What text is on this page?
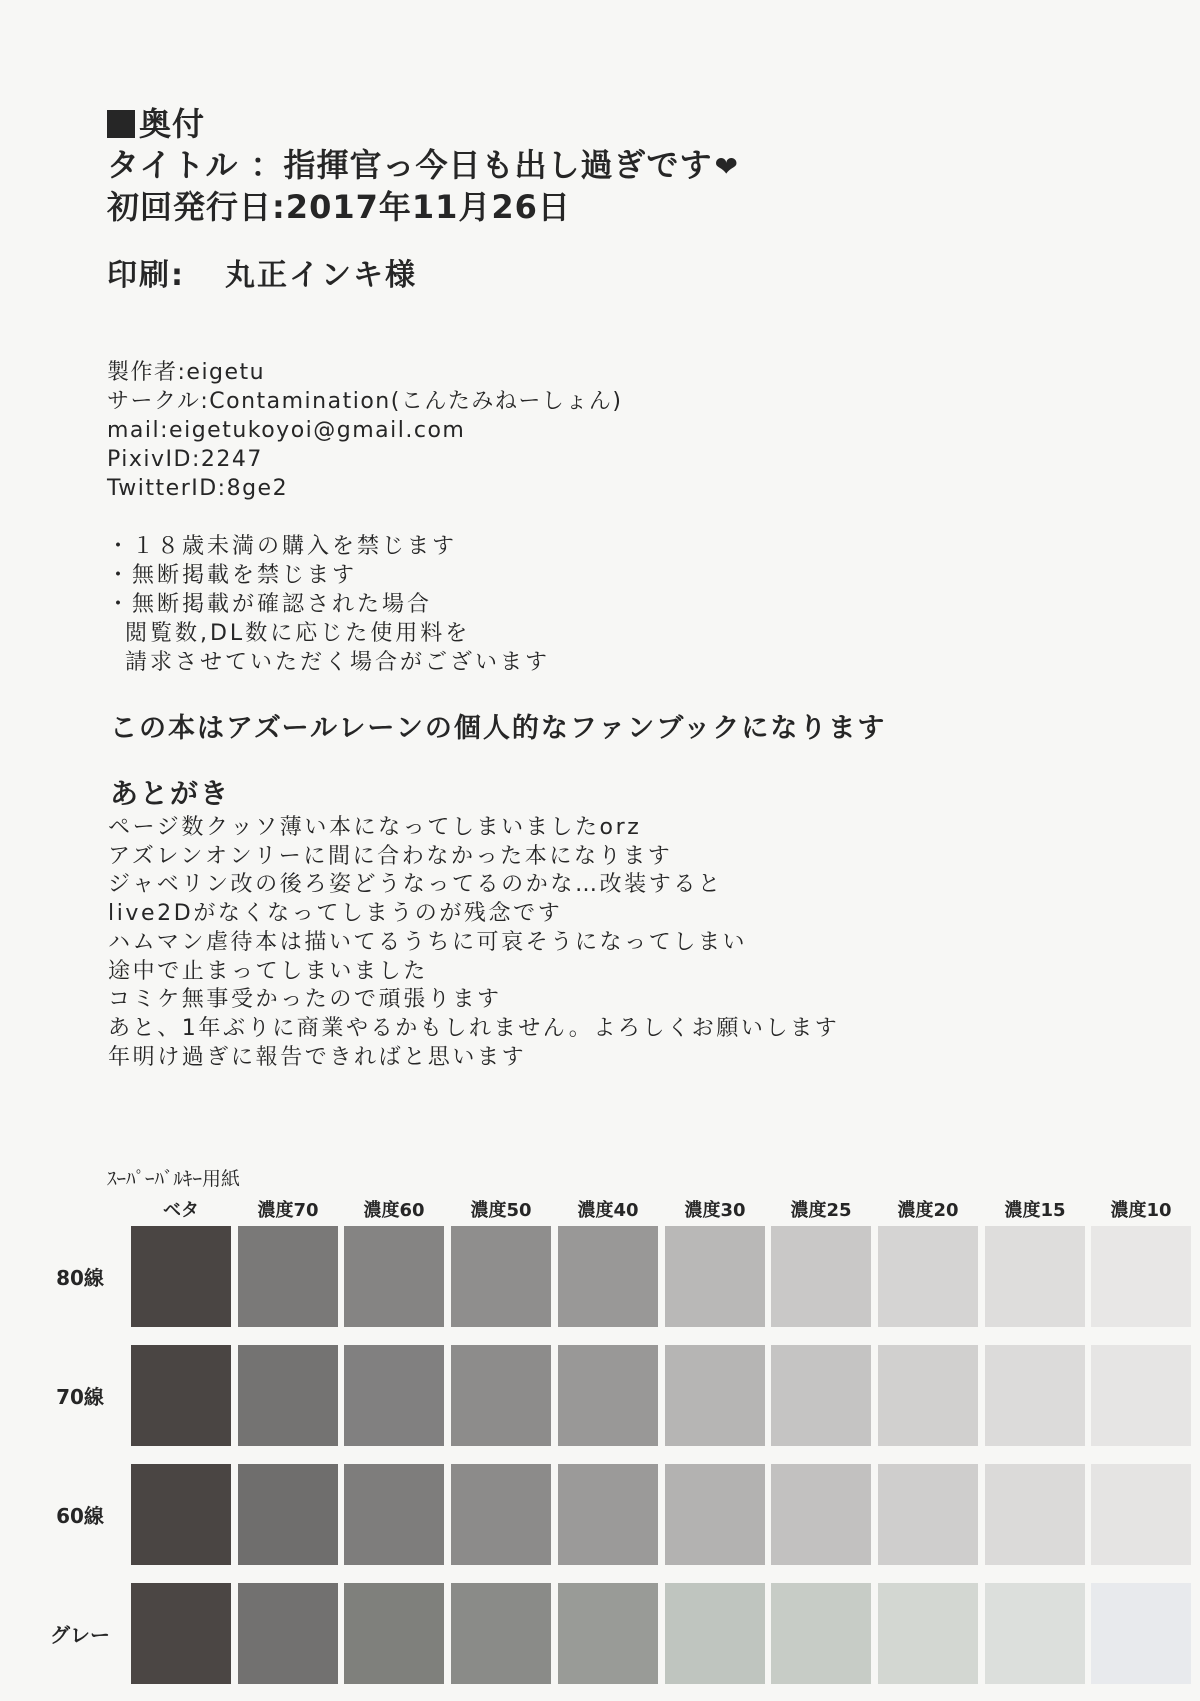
奥付
タイトル ：指揮官っ今日も出し過ぎです❤
初回発行日:2017年11月26日
印刷: 丸正インキ様
製作者:eigetu
サークル:Contamination(こんたみねーしょん)
mail:eigetukoyoi@gmail.com
PixivID:2247
TwitterID:8ge2
・１８歳未満の購入を禁じます
・無断掲載を禁じます
・無断掲載が確認された場合
閲覧数,DL数に応じた使用料を
請求させていただく場合がございます
この本はアズールレーンの個人的なファンブックになります
あとがき
ページ数クッソ薄い本になってしまいましたorz
アズレンオンリーに間に合わなかった本になります
ジャベリン改の後ろ姿どうなってるのかな…改装すると
live2Dがなくなってしまうのが残念です
ハムマン虐待本は描いてるうちに可哀そうになってしまい
途中で止まってしまいました
コミケ無事受かったので頑張ります
あと、1年ぶりに商業やるかもしれません。よろしくお願いします
年明け過ぎに報告できればと思います
ｽｰﾊﾟｰﾊﾞﾙｷｰ用紙
ベタ	濃度70	濃度60	濃度50	濃度40	濃度30	濃度25	濃度20	濃度15	濃度10
80線
70線
60線
グレー
